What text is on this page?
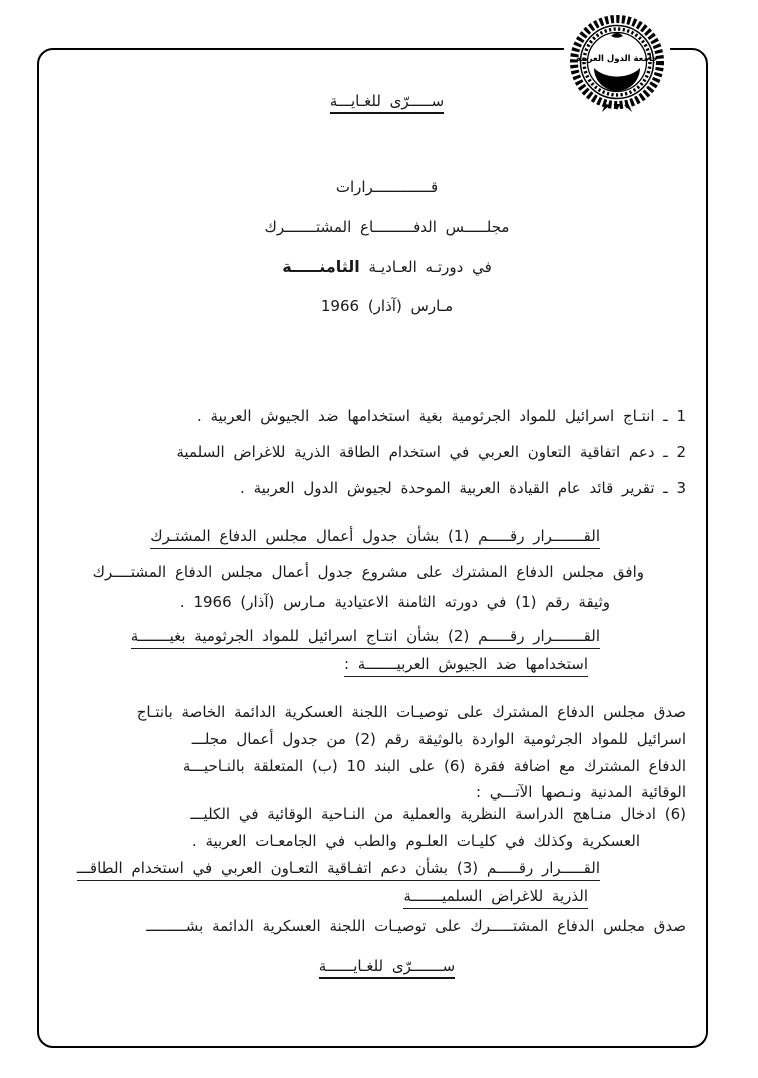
جامعة الدول العربية
ســـــرّى للغـايـــة
قـــــــــــــرارات
مجلـــــس الدفـــــــــاع المشتـــــــرك
في دورتـه العـاديـة الثامنـــــة
مـارس (آذار) 1966
1 ـ انتـاج اسرائيل للمواد الجرثومية بغية استخدامها ضد الجيوش العربية .
2 ـ دعم اتفاقية التعاون العربي في استخدام الطاقة الذرية للاغراض السلمية
3 ـ تقرير قائد عام القيادة العربية الموحدة لجيوش الدول العربية .
القـــــــرار رقـــــم (1) بشأن جدول أعمال مجلس الدفاع المشتـرك
وافق مجلس الدفاع المشترك على مشروع جدول أعمال مجلس الدفاع المشتــــرك
وثيقة رقم (1) في دورته الثامنة الاعتيادية مـارس (آذار) 1966 .
القـــــــرار رقـــــم (2) بشأن انتـاج اسرائيل للمواد الجرثومية بغيـــــــة
استخدامها ضد الجيوش العربيـــــــة :
صدق مجلس الدفاع المشترك على توصيـات اللجنة العسكرية الدائمة الخاصة بانتـاج
اسرائيل للمواد الجرثومية الواردة بالوثيقة رقم (2) من جدول أعمال مجلـــ
الدفاع المشترك مع اضافة فقرة (6) على البند 10 (ب) المتعلقة بالنـاحيـــة
الوقائية المدنية ونـصها الآتـــي :
(6) ادخال منـاهج الدراسة النظرية والعملية من النـاحية الوقائية في الكليـــ
العسكرية وكذلك في كليـات العلـوم والطب في الجامعـات العربية .
القـــــرار رقـــــم (3) بشأن دعم اتفـاقية التعـاون العربي في استخدام الطاقـــ
الذرية للاغراض السلميـــــــة
صدق مجلس الدفاع المشتـــــرك على توصيـات اللجنة العسكرية الدائمة بشـــــــــ
ســـــــرّى للغـايــــــة
